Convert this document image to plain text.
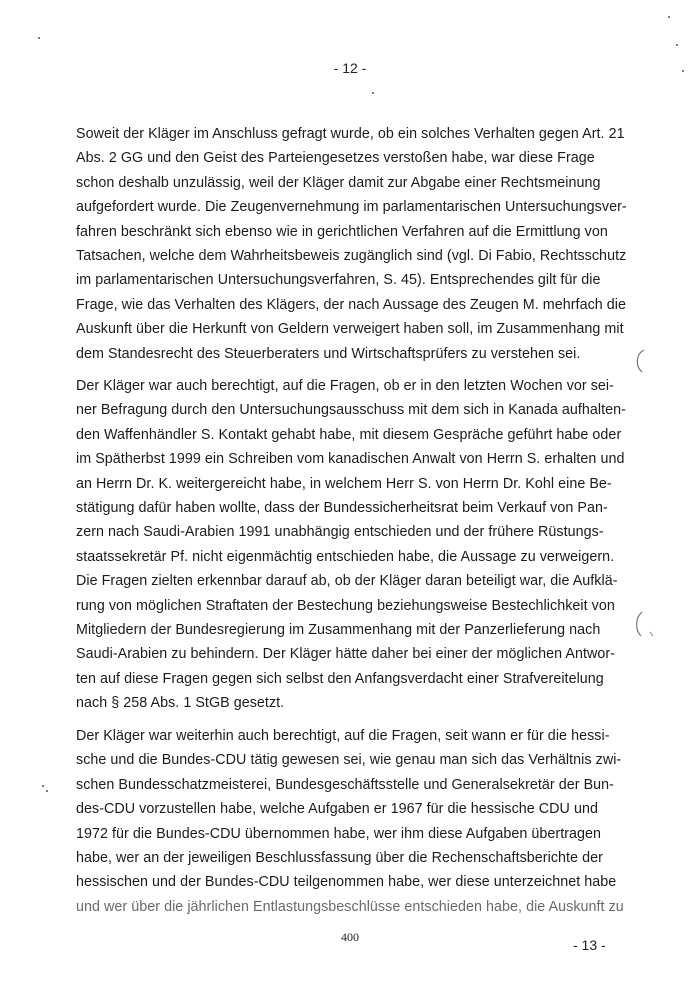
- 12 -
Soweit der Kläger im Anschluss gefragt wurde, ob ein solches Verhalten gegen Art. 21
Abs. 2 GG und den Geist des Parteiengesetzes verstoßen habe, war diese Frage
schon deshalb unzulässig, weil der Kläger damit zur Abgabe einer Rechtsmeinung
aufgefordert wurde. Die Zeugenvernehmung im parlamentarischen Untersuchungsver-
fahren beschränkt sich ebenso wie in gerichtlichen Verfahren auf die Ermittlung von
Tatsachen, welche dem Wahrheitsbeweis zugänglich sind (vgl. Di Fabio, Rechtsschutz
im parlamentarischen Untersuchungsverfahren, S. 45). Entsprechendes gilt für die
Frage, wie das Verhalten des Klägers, der nach Aussage des Zeugen M. mehrfach die
Auskunft über die Herkunft von Geldern verweigert haben soll, im Zusammenhang mit
dem Standesrecht des Steuerberaters und Wirtschaftsprüfers zu verstehen sei.
Der Kläger war auch berechtigt, auf die Fragen, ob er in den letzten Wochen vor sei-
ner Befragung durch den Untersuchungsausschuss mit dem sich in Kanada aufhalten-
den Waffenhändler S. Kontakt gehabt habe, mit diesem Gespräche geführt habe oder
im Spätherbst 1999 ein Schreiben vom kanadischen Anwalt von Herrn S. erhalten und
an Herrn Dr. K. weitergereicht habe, in welchem Herr S. von Herrn Dr. Kohl eine Be-
stätigung dafür haben wollte, dass der Bundessicherheitsrat beim Verkauf von Pan-
zern nach Saudi-Arabien 1991 unabhängig entschieden und der frühere Rüstungs-
staatssekretär Pf. nicht eigenmächtig entschieden habe, die Aussage zu verweigern.
Die Fragen zielten erkennbar darauf ab, ob der Kläger daran beteiligt war, die Aufklä-
rung von möglichen Straftaten der Bestechung beziehungsweise Bestechlichkeit von
Mitgliedern der Bundesregierung im Zusammenhang mit der Panzerlieferung nach
Saudi-Arabien zu behindern. Der Kläger hätte daher bei einer der möglichen Antwor-
ten auf diese Fragen gegen sich selbst den Anfangsverdacht einer Strafvereitelung
nach § 258 Abs. 1 StGB gesetzt.
Der Kläger war weiterhin auch berechtigt, auf die Fragen, seit wann er für die hessi-
sche und die Bundes-CDU tätig gewesen sei, wie genau man sich das Verhältnis zwi-
schen Bundesschatzmeisterei, Bundesgeschäftsstelle und Generalsekretär der Bun-
des-CDU vorzustellen habe, welche Aufgaben er 1967 für die hessische CDU und
1972 für die Bundes-CDU übernommen habe, wer ihm diese Aufgaben übertragen
habe, wer an der jeweiligen Beschlussfassung über die Rechenschaftsberichte der
hessischen und der Bundes-CDU teilgenommen habe, wer diese unterzeichnet habe
und wer über die jährlichen Entlastungsbeschlüsse entschieden habe, die Auskunft zu
400	- 13 -
